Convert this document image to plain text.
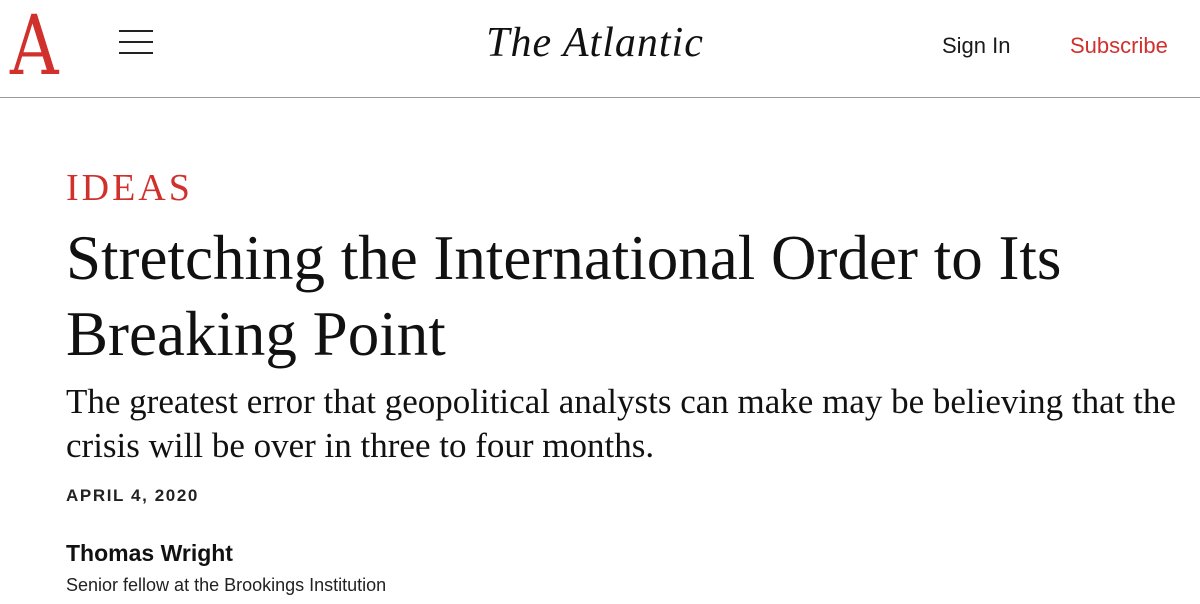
A	The Atlantic	Sign In	Subscribe
IDEAS
Stretching the International Order to Its Breaking Point

The greatest error that geopolitical analysts can make may be believing that the crisis will be over in three to four months.

APRIL 4, 2020
Thomas Wright
Senior fellow at the Brookings Institution
